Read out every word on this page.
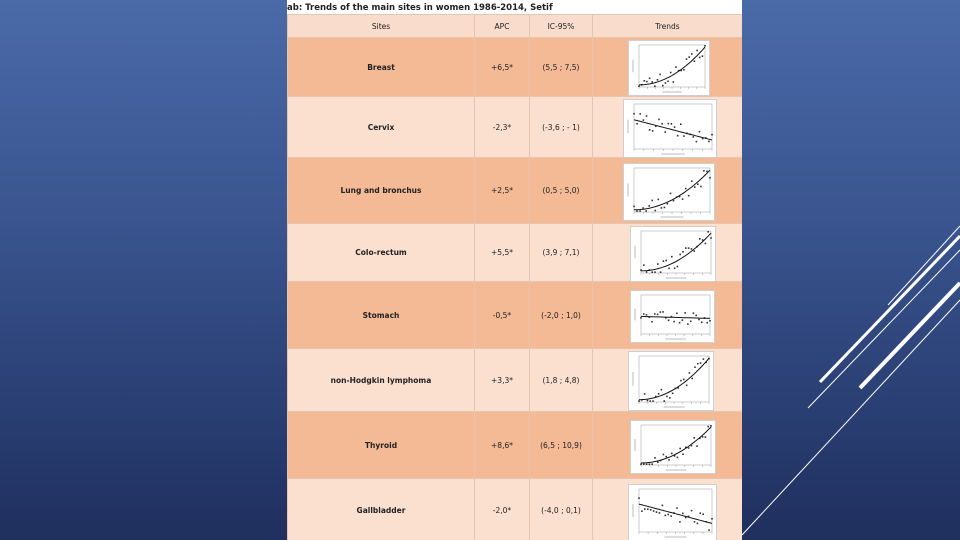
ab: Trends of the main sites in women 1986-2014, Setif
Sites	APC	IC-95%	Trends
Breast	+6,5*	(5,5 ; 7,5)	

Cervix	-2,3*	(-3,6 ; - 1)	

Lung and bronchus	+2,5*	(0,5 ; 5,0)	

Colo-rectum	+5,5*	(3,9 ; 7,1)	

Stomach	-0,5*	(-2,0 ; 1,0)	

non-Hodgkin lymphoma	+3,3*	(1,8 ; 4,8)	

Thyroid	+8,6*	(6,5 ; 10,9)	

Gallbladder	-2,0*	(-4,0 ; 0,1)	
